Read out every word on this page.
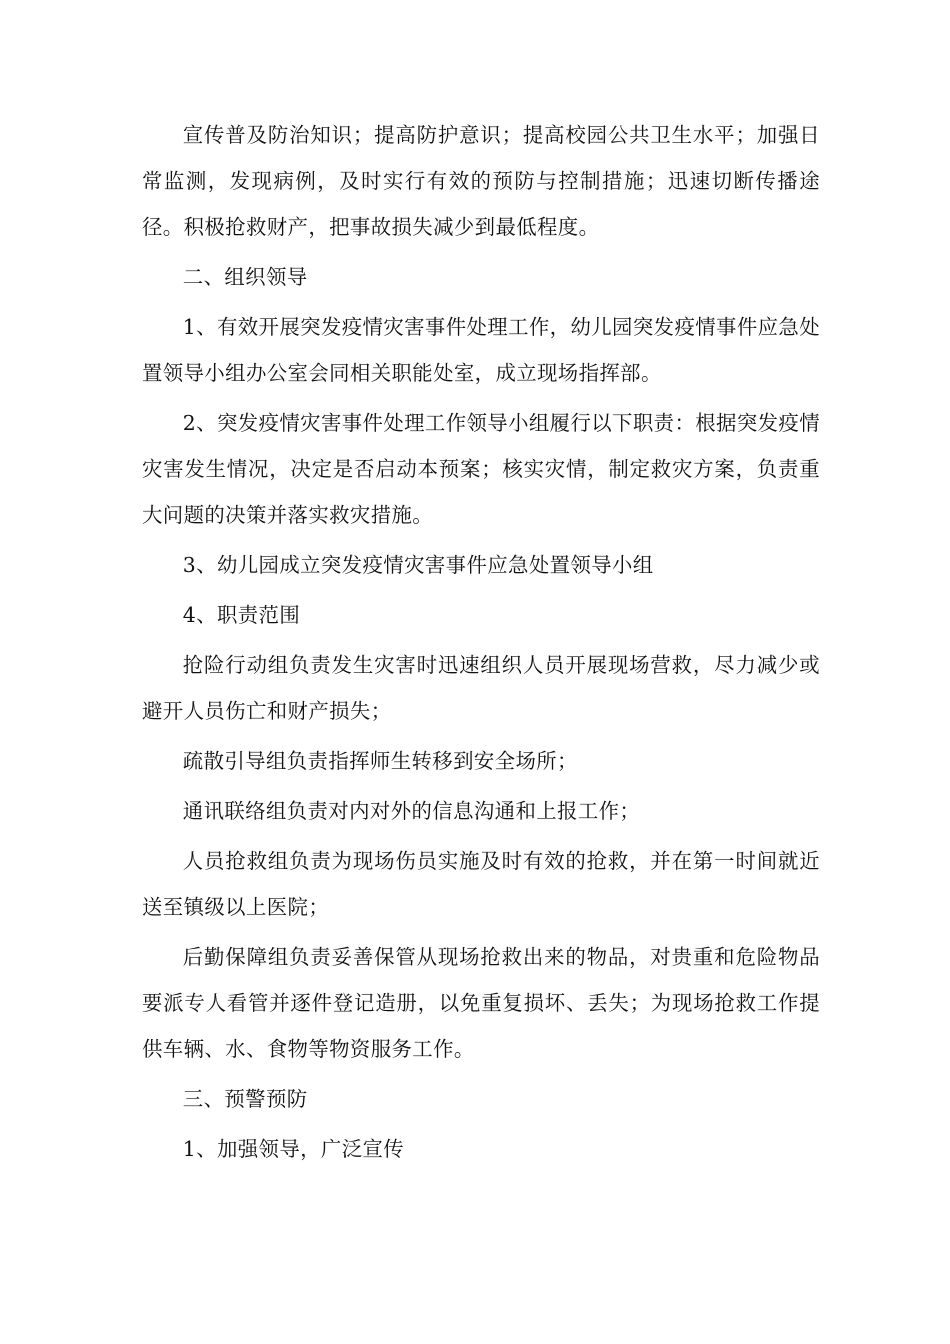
宣传普及防治知识；提高防护意识；提高校园公共卫生水平；加强日常监测，发现病例，及时实行有效的预防与控制措施；迅速切断传播途径。积极抢救财产，把事故损失减少到最低程度。

二、组织领导

1、有效开展突发疫情灾害事件处理工作，幼儿园突发疫情事件应急处置领导小组办公室会同相关职能处室，成立现场指挥部。

2、突发疫情灾害事件处理工作领导小组履行以下职责：根据突发疫情灾害发生情况，决定是否启动本预案；核实灾情，制定救灾方案，负责重大问题的决策并落实救灾措施。

3、幼儿园成立突发疫情灾害事件应急处置领导小组

4、职责范围

抢险行动组负责发生灾害时迅速组织人员开展现场营救，尽力减少或避开人员伤亡和财产损失；

疏散引导组负责指挥师生转移到安全场所；

通讯联络组负责对内对外的信息沟通和上报工作；

人员抢救组负责为现场伤员实施及时有效的抢救，并在第一时间就近送至镇级以上医院；

后勤保障组负责妥善保管从现场抢救出来的物品，对贵重和危险物品要派专人看管并逐件登记造册，以免重复损坏、丢失；为现场抢救工作提供车辆、水、食物等物资服务工作。

三、预警预防

1、加强领导，广泛宣传
